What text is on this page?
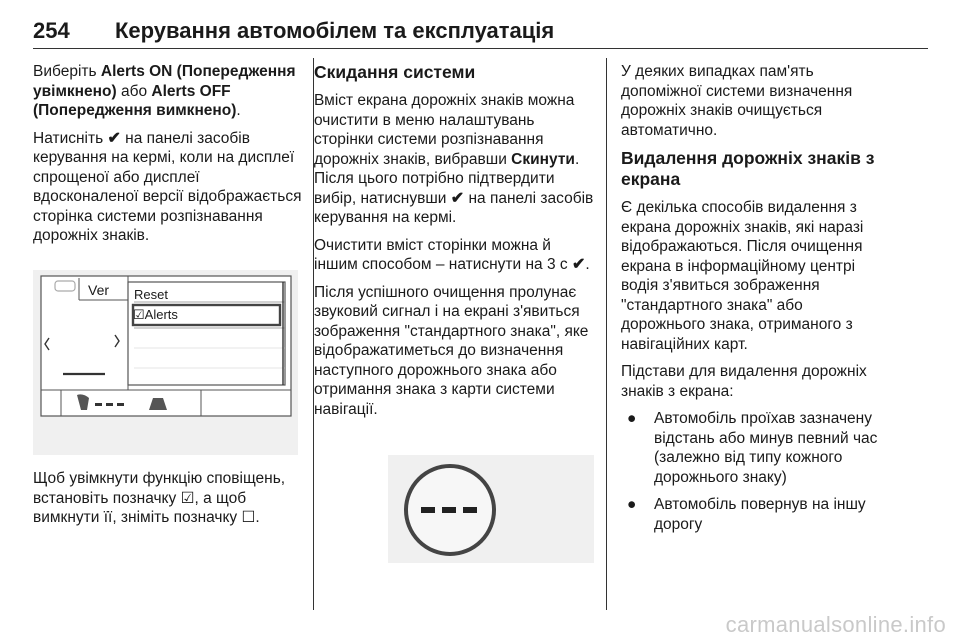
254 Керування автомобілем та експлуатація

Виберіть Alerts ON (Попередження увімкнено) або Alerts OFF (Попередження вимкнено).

Натисніть ✔ на панелі засобів керування на кермі, коли на дисплеї спрощеної або дисплеї вдосконаленої версії відображається сторінка системи розпізнавання дорожніх знаків.

Ver Reset
☑Alerts

Щоб увімкнути функцію сповіщень, встановіть позначку ☑, а щоб вимкнути її, зніміть позначку ☐.

Скидання системи

Вміст екрана дорожніх знаків можна очистити в меню налаштувань сторінки системи розпізнавання дорожніх знаків, вибравши Скинути. Після цього потрібно підтвердити вибір, натиснувши ✔ на панелі засобів керування на кермі.

Очистити вміст сторінки можна й іншим способом – натиснути на 3 с ✔.

Після успішного очищення пролунає звуковий сигнал і на екрані з'явиться зображення "стандартного знака", яке відображатиметься до визначення наступного дорожнього знака або отримання знака з карти системи навігації.

У деяких випадках пам'ять допоміжної системи визначення дорожніх знаків очищується автоматично.

Видалення дорожніх знаків з екрана

Є декілька способів видалення з екрана дорожніх знаків, які наразі відображаються. Після очищення екрана в інформаційному центрі водія з'явиться зображення "стандартного знака" або дорожнього знака, отриманого з навігаційних карт.

Підстави для видалення дорожніх знаків з екрана:

● Автомобіль проїхав зазначену відстань або минув певний час (залежно від типу кожного дорожнього знаку)
● Автомобіль повернув на іншу дорогу
carmanualsonline.info
